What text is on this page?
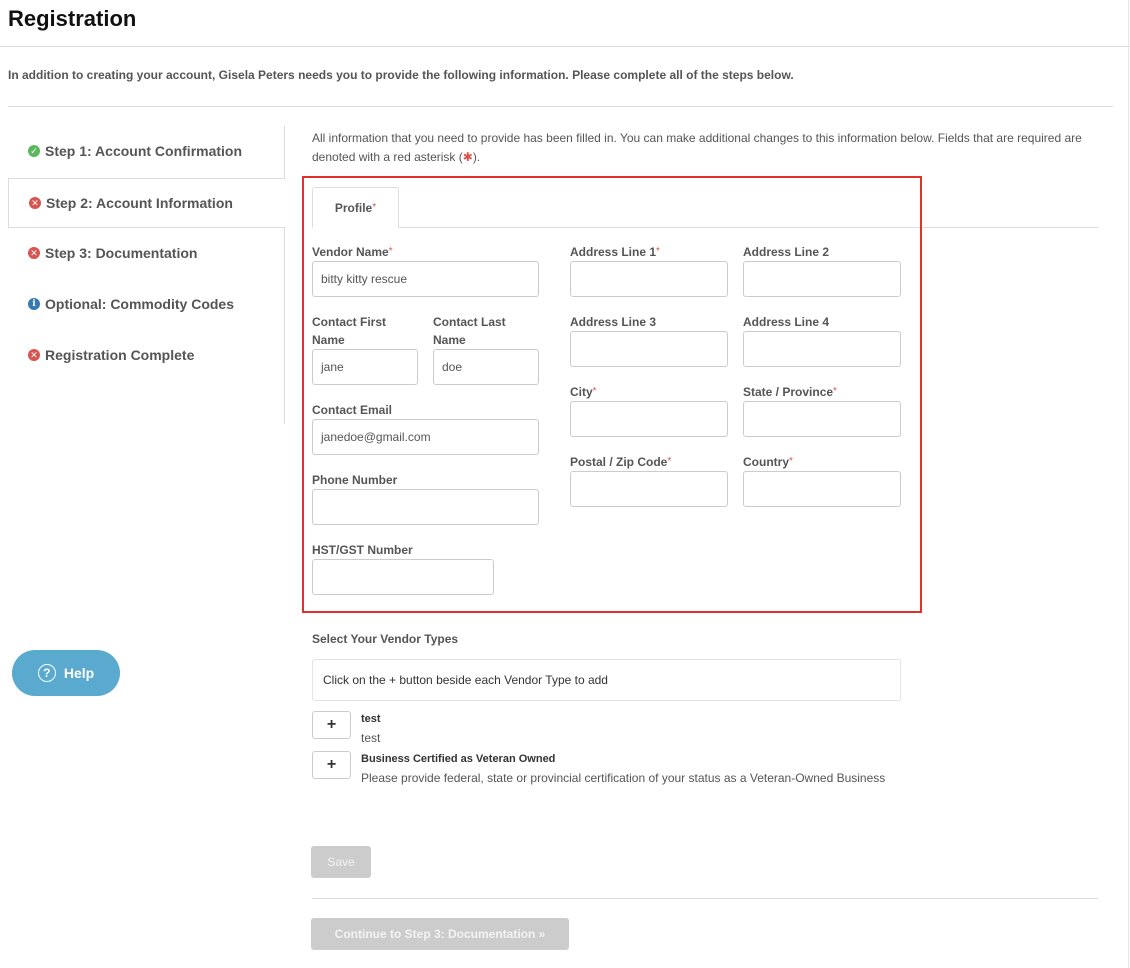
Registration
In addition to creating your account, Gisela Peters needs you to provide the following information. Please complete all of the steps below.
✓ Step 1: Account Confirmation
✕ Step 2: Account Information
✕ Step 3: Documentation
i Optional: Commodity Codes
✕ Registration Complete
All information that you need to provide has been filled in. You can make additional changes to this information below. Fields that are required are denoted with a red asterisk (✱).
Profile *
Vendor Name*
bitty kitty rescue
Contact First
Name
jane
Contact Last
Name
doe
Contact Email
janedoe@gmail.com
Phone Number
HST/GST Number
Address Line 1*	Address Line 2
Address Line 3	Address Line 4
City*	State / Province*
Postal / Zip Code*	Country*
Select Your Vendor Types
Click on the + button beside each Vendor Type to add
+	test
test
+	Business Certified as Veteran Owned
Please provide federal, state or provincial certification of your status as a Veteran-Owned Business
Save
Continue to Step 3: Documentation »
? Help
